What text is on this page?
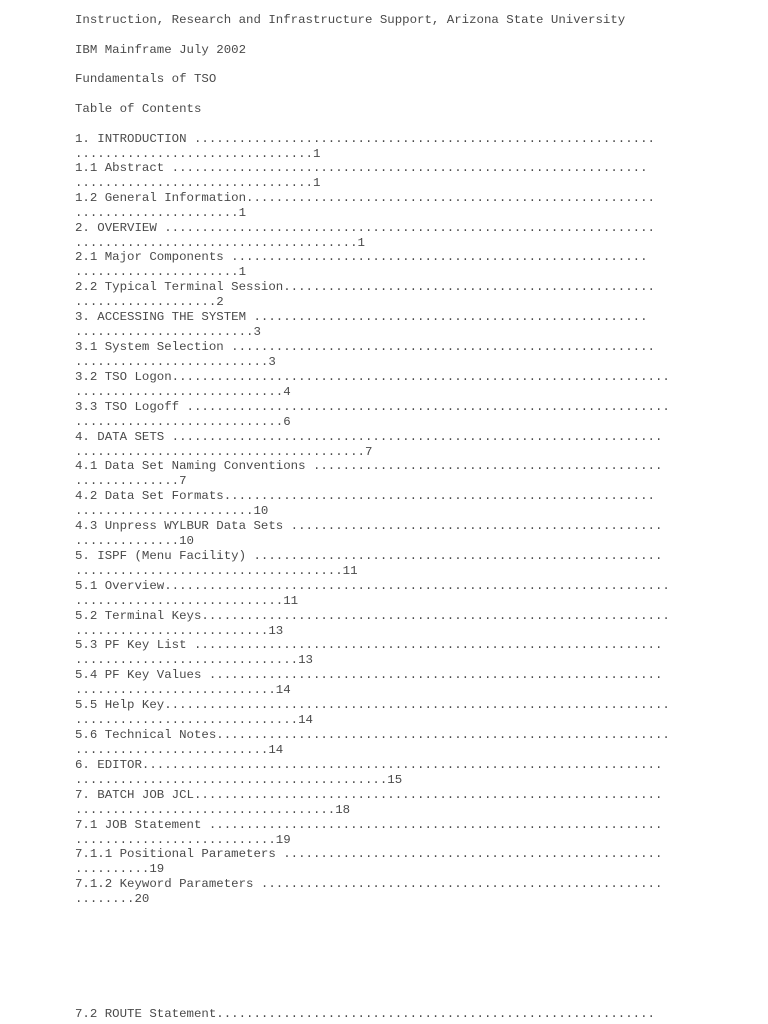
Instruction, Research and Infrastructure Support, Arizona State University
IBM Mainframe July 2002
Fundamentals of TSO
Table of Contents
1. INTRODUCTION ..............................................................
................................1
1.1 Abstract ................................................................
................................1
1.2 General Information.......................................................
......................1
2. OVERVIEW ..................................................................
......................................1
2.1 Major Components ........................................................
......................1
2.2 Typical Terminal Session..................................................
...................2
3. ACCESSING THE SYSTEM .....................................................
........................3
3.1 System Selection .........................................................
..........................3
3.2 TSO Logon...................................................................
............................4
3.3 TSO Logoff .................................................................
............................6
4. DATA SETS ..................................................................
.......................................7
4.1 Data Set Naming Conventions ...............................................
..............7
4.2 Data Set Formats..........................................................
........................10
4.3 Unpress WYLBUR Data Sets ..................................................
..............10
5. ISPF (Menu Facility) .......................................................
....................................11
5.1 Overview....................................................................
............................11
5.2 Terminal Keys...............................................................
..........................13
5.3 PF Key List ...............................................................
..............................13
5.4 PF Key Values .............................................................
...........................14
5.5 Help Key....................................................................
..............................14
5.6 Technical Notes.............................................................
..........................14
6. EDITOR......................................................................
..........................................15
7. BATCH JOB JCL...............................................................
...................................18
7.1 JOB Statement .............................................................
...........................19
7.1.1 Positional Parameters ...................................................
..........19
7.1.2 Keyword Parameters ......................................................
........20
7.2 ROUTE Statement...........................................................
